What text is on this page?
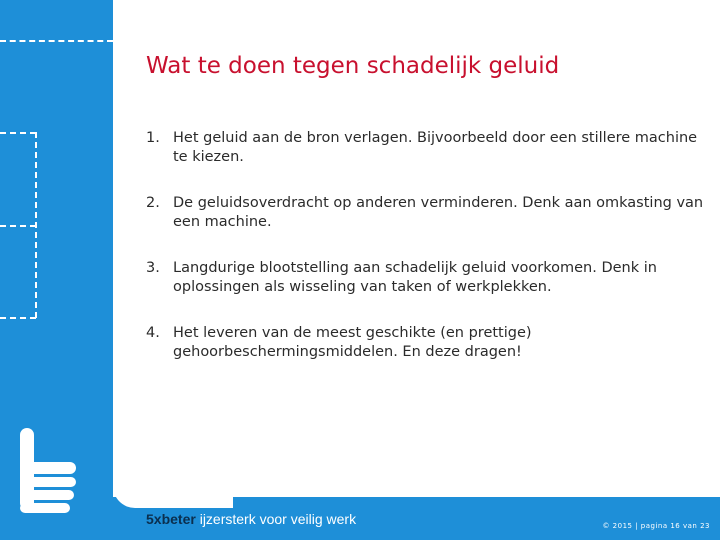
5xbeter ijzersterk voor veilig werk	© 2015 | pagina 16 van 23
Wat te doen tegen schadelijk geluid
1. Het geluid aan de bron verlagen. Bijvoorbeeld door een stillere machine te kiezen.
2. De geluidsoverdracht op anderen verminderen. Denk aan omkasting van een machine.
3. Langdurige blootstelling aan schadelijk geluid voorkomen. Denk in oplossingen als wisseling van taken of werkplekken.
4. Het leveren van de meest geschikte (en prettige) gehoorbeschermingsmiddelen. En deze dragen!
